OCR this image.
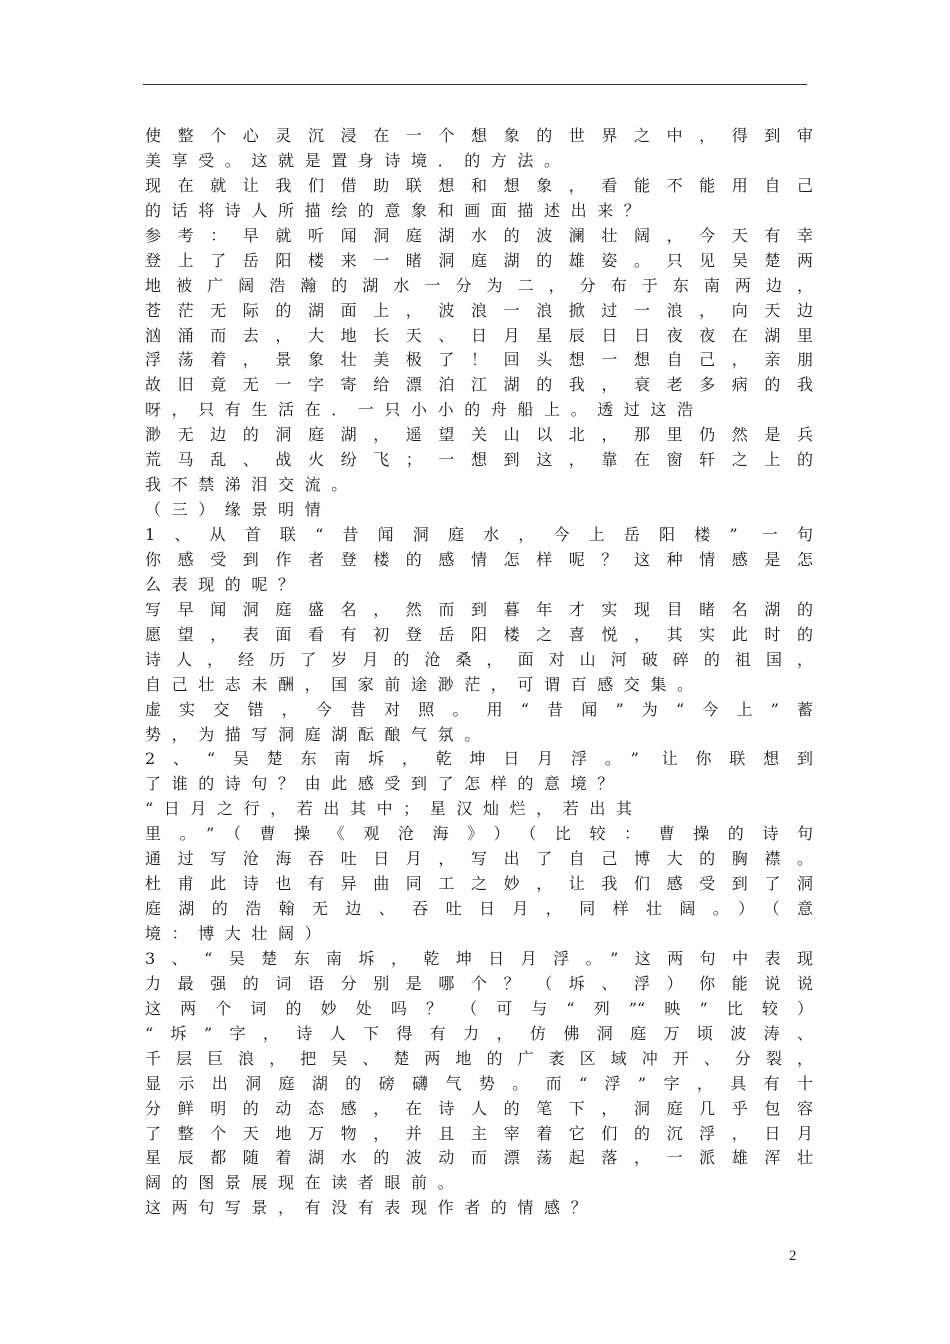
使整个心灵沉浸在一个想象的世界之中，得到审
美享受。这就是置身诗境．的方法。
现在就让我们借助联想和想象，看能不能用自己
的话将诗人所描绘的意象和画面描述出来？
参考：早就听闻洞庭湖水的波澜壮阔，今天有幸
登上了岳阳楼来一睹洞庭湖的雄姿。只见吴楚两
地被广阔浩瀚的湖水一分为二，分布于东南两边，
苍茫无际的湖面上，波浪一浪掀过一浪，向天边
汹涌而去，大地长天、日月星辰日日夜夜在湖里
浮荡着，景象壮美极了！回头想一想自己，亲朋
故旧竟无一字寄给漂泊江湖的我，衰老多病的我
呀，只有生活在．一只小小的舟船上。透过这浩
渺无边的洞庭湖，遥望关山以北，那里仍然是兵
荒马乱、战火纷飞；一想到这，靠在窗轩之上的
我不禁涕泪交流。
（三）缘景明情
1、从首联“昔闻洞庭水，今上岳阳楼” 一句
你感受到作者登楼的感情怎样呢？这种情感是怎
么表现的呢？
写早闻洞庭盛名，然而到暮年才实现目睹名湖的
愿望，表面看有初登岳阳楼之喜悦，其实此时的
诗人，经历了岁月的沧桑，面对山河破碎的祖国，
自己壮志未酬，国家前途渺茫，可谓百感交集。
虚实交错，今昔对照。用“昔闻”为“今上”蓄
势，为描写洞庭湖酝酿气氛。
2、“吴楚东南坼，乾坤日月浮。” 让你联想到
了谁的诗句？由此感受到了怎样的意境？
“日月之行，若出其中；星汉灿烂，若出其
里。”（曹操《观沧海》）（比较：曹操的诗句
通过写沧海吞吐日月，写出了自己博大的胸襟。
杜甫此诗也有异曲同工之妙，让我们感受到了洞
庭湖的浩翰无边、吞吐日月，同样壮阔。）（意
境：博大壮阔）
3、“吴楚东南坼，乾坤日月浮。”这两句中表现
力最强的词语分别是哪个？（坼、浮）你能说说
这两个词的妙处吗？（可与“列”“映”比较）
“坼”字，诗人下得有力，仿佛洞庭万顷波涛、
千层巨浪，把吴、楚两地的广袤区域冲开、分裂，
显示出洞庭湖的磅礴气势。而“浮”字，具有十
分鲜明的动态感，在诗人的笔下，洞庭几乎包容
了整个天地万物，并且主宰着它们的沉浮，日月
星辰都随着湖水的波动而漂荡起落，一派雄浑壮
阔的图景展现在读者眼前。
这两句写景，有没有表现作者的情感？
2
